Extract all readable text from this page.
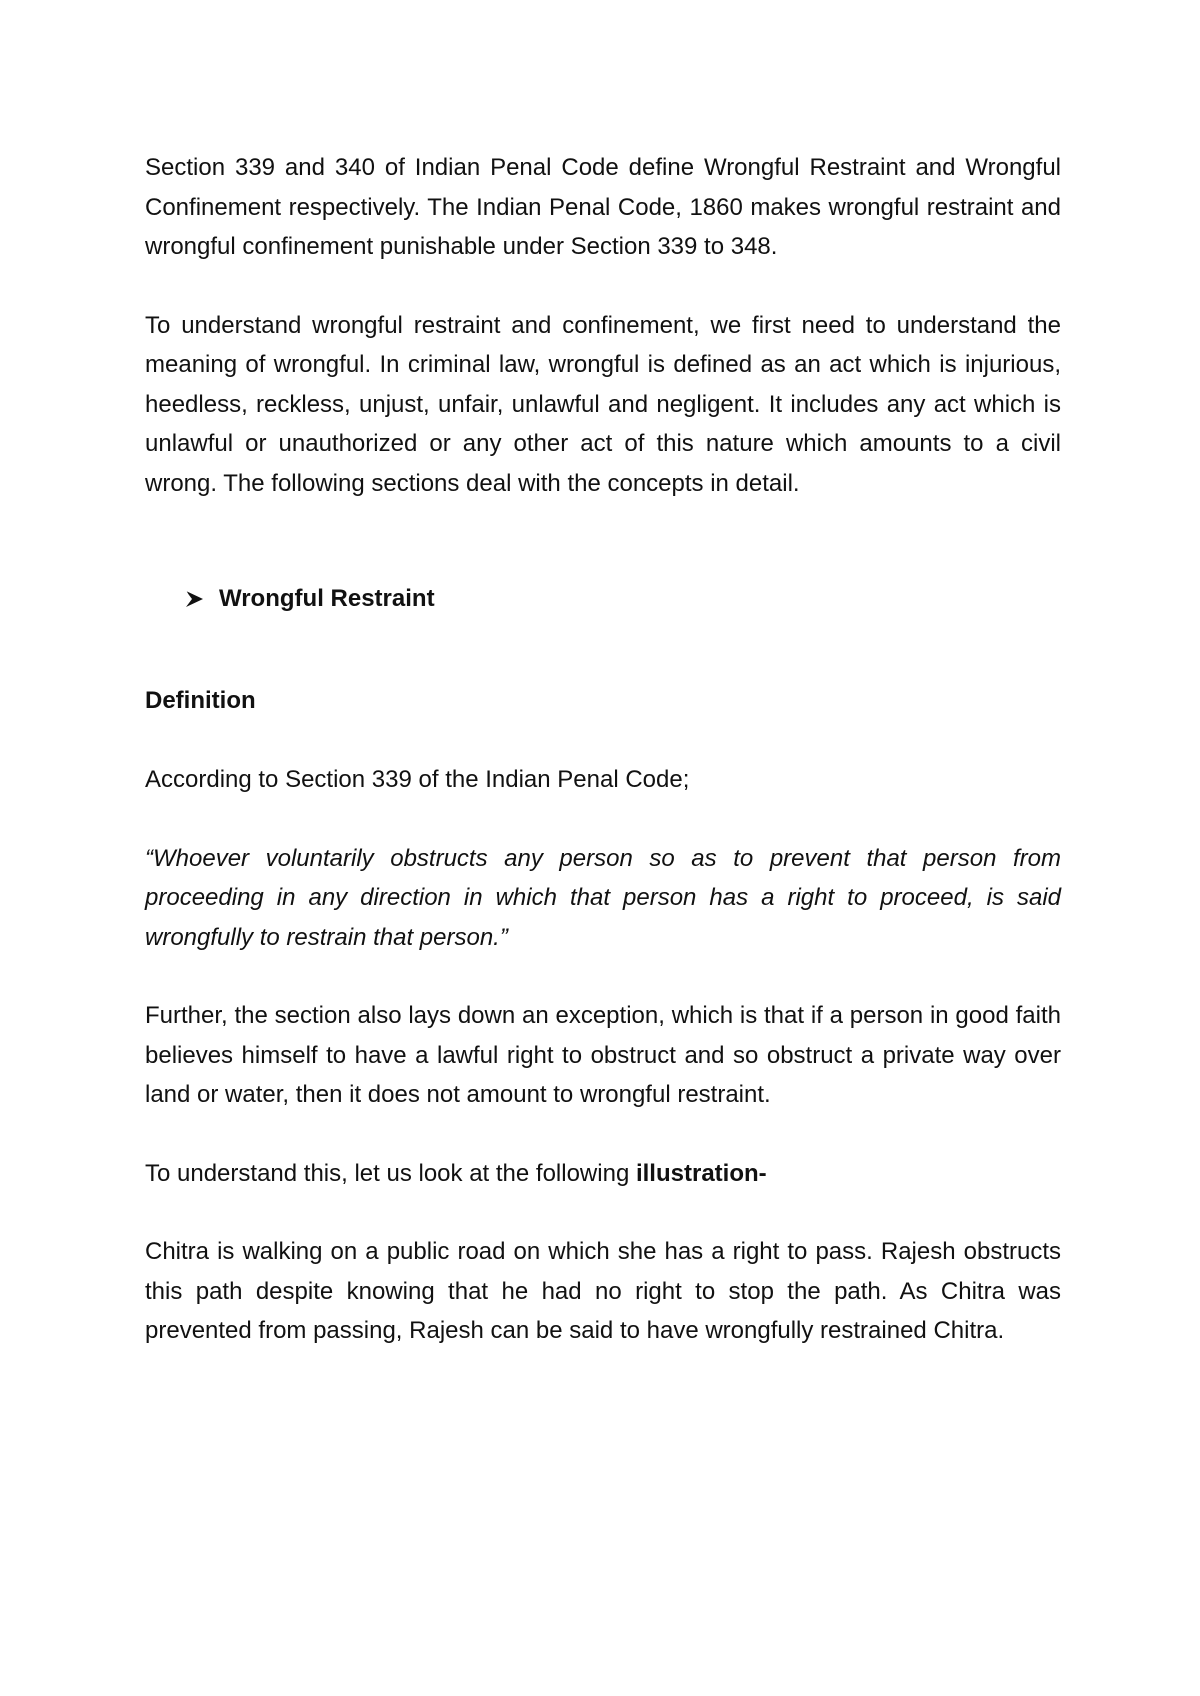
Section 339 and 340 of Indian Penal Code define Wrongful Restraint and Wrongful Confinement respectively. The Indian Penal Code, 1860 makes wrongful restraint and wrongful confinement punishable under Section 339 to 348.

To understand wrongful restraint and confinement, we first need to understand the meaning of wrongful. In criminal law, wrongful is defined as an act which is injurious, heedless, reckless, unjust, unfair, unlawful and negligent. It includes any act which is unlawful or unauthorized or any other act of this nature which amounts to a civil wrong. The following sections deal with the concepts in detail.

Wrongful Restraint

Definition

According to Section 339 of the Indian Penal Code;

“Whoever voluntarily obstructs any person so as to prevent that person from proceeding in any direction in which that person has a right to proceed, is said wrongfully to restrain that person.”

Further, the section also lays down an exception, which is that if a person in good faith believes himself to have a lawful right to obstruct and so obstruct a private way over land or water, then it does not amount to wrongful restraint.

To understand this, let us look at the following illustration-

Chitra is walking on a public road on which she has a right to pass. Rajesh obstructs this path despite knowing that he had no right to stop the path. As Chitra was prevented from passing, Rajesh can be said to have wrongfully restrained Chitra.
